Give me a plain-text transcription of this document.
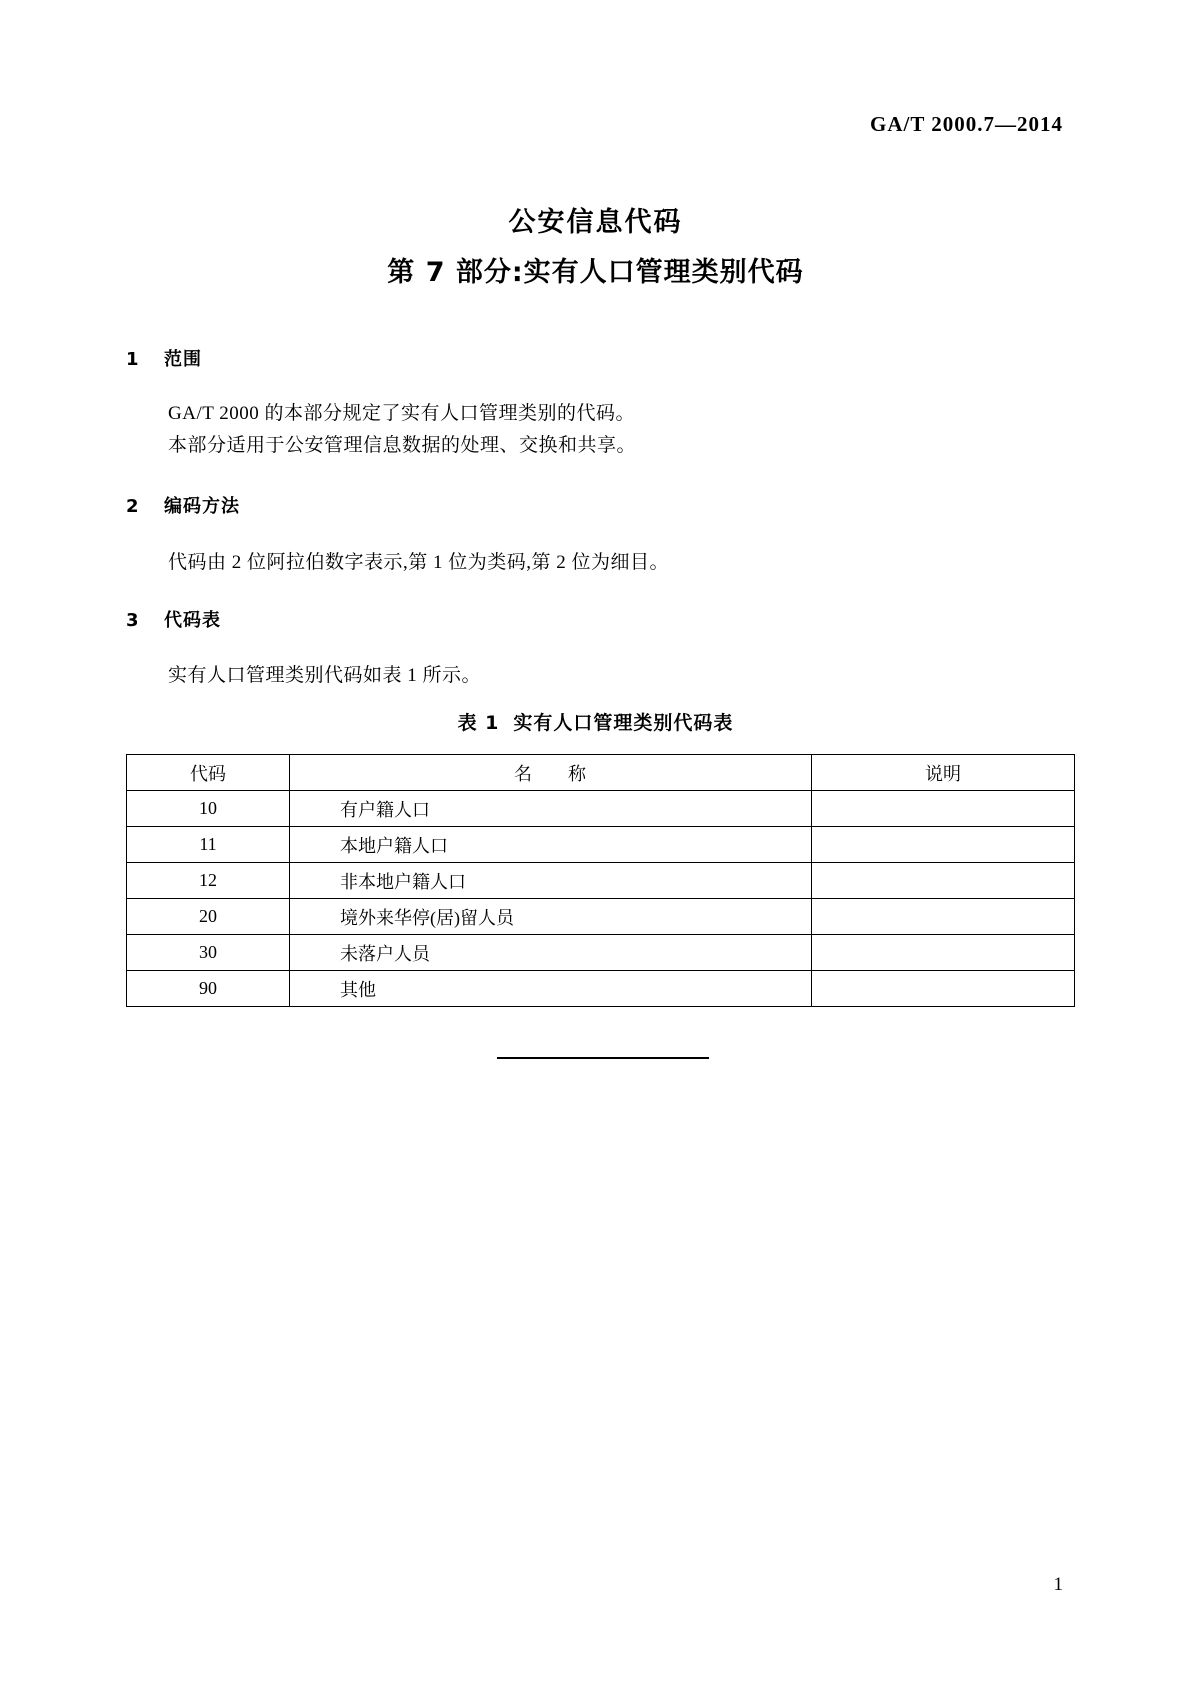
GA/T 2000.7—2014
公安信息代码
第 7 部分:实有人口管理类别代码
1 范围
GA/T 2000 的本部分规定了实有人口管理类别的代码。
本部分适用于公安管理信息数据的处理、交换和共享。
2 编码方法
代码由 2 位阿拉伯数字表示,第 1 位为类码,第 2 位为细目。
3 代码表
实有人口管理类别代码如表 1 所示。
表 1 实有人口管理类别代码表
代码	名　　称	说明
10	有户籍人口	
11	本地户籍人口	
12	非本地户籍人口	
20	境外来华停(居)留人员	
30	未落户人员	
90	其他	
1
